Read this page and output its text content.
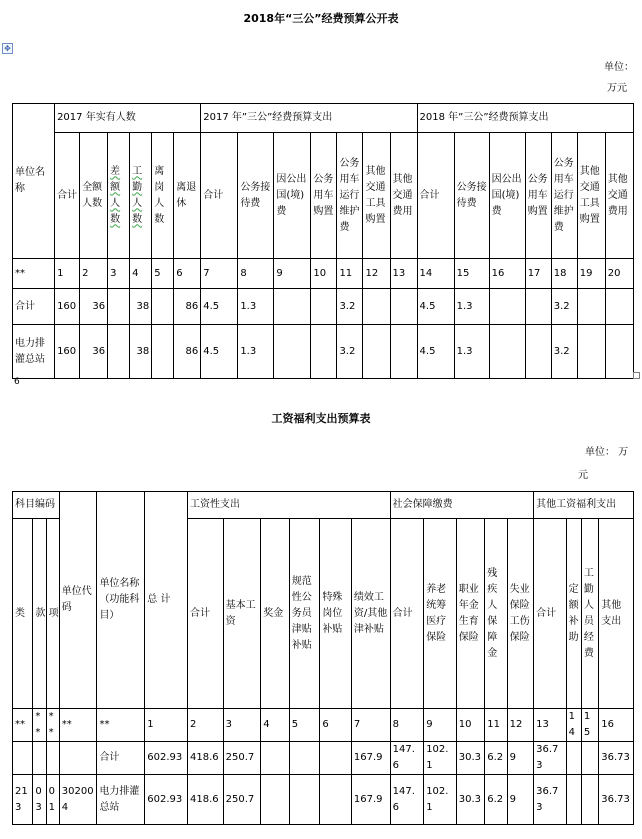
2018年“三公”经费预算公开表
✥
单位：
万元
单位名称	2017 年实有人数						2017 年”三公”经费预算支出							2018 年”三公”经费预算支出						
	合计	全额人数	差额人数	工勤人数	离岗人数	离退休	合计	公务接待费	因公出国(境)费	公务用车购置	公务用车运行维护费	其他交通工具购置	其他交通费用	合计	公务接待费	因公出国(境)费	公务用车购置	公务用车运行维护费	其他交通工具购置	其他交通费用
**	1	2	3	4	5	6	7	8	9	10	11	12	13	14	15	16	17	18	19	20
合计	160	36		38		86	4.5	1.3			3.2			4.5	1.3			3.2		
电力排灌总站	160	36		38		86	4.5	1.3			3.2			4.5	1.3			3.2		
6
工资福利支出预算表
单位： 万
元
科目编码			单位代码	单位名称（功能科目）	总 计	工资性支出						社会保障缴费					其他工资福利支出			
类	款	项				合计	基本工资	奖金	规范性公务员津贴补贴	特殊岗位补贴	绩效工资/其他津补贴	合计	养老统筹医疗保险	职业年金生育保险	残疾人保障金	失业保险工伤保险	合计	定额补助	工勤人员经费	其他支出
**	**	**	**	**	1	2	3	4	5	6	7	8	9	10	11	12	13	14	15	16
				合计	602.93	418.6	250.7				167.9	147.6	102.1	30.3	6.2	9	36.73			36.73
213	03	01	302004	电力排灌总站	602.93	418.6	250.7				167.9	147.6	102.1	30.3	6.2	9	36.73			36.73
